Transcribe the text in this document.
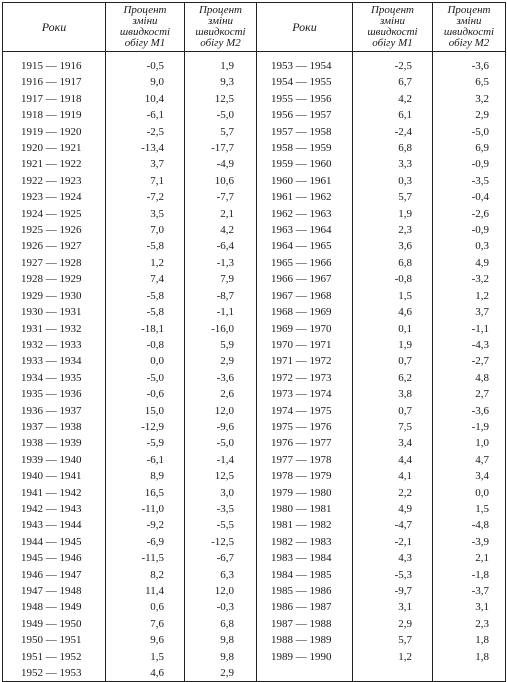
Роки	Процент
зміни
швидкості
обігу М1	Процент
зміни
швидкості
обігу М2	Роки	Процент
зміни
швидкості
обігу М1	Процент
зміни
швидкості
обігу М2

1915 — 1916	-0,5	1,9	1953 — 1954	-2,5	-3,6
1916 — 1917	9,0	9,3	1954 — 1955	6,7	6,5
1917 — 1918	10,4	12,5	1955 — 1956	4,2	3,2
1918 — 1919	-6,1	-5,0	1956 — 1957	6,1	2,9
1919 — 1920	-2,5	5,7	1957 — 1958	-2,4	-5,0
1920 — 1921	-13,4	-17,7	1958 — 1959	6,8	6,9
1921 — 1922	3,7	-4,9	1959 — 1960	3,3	-0,9
1922 — 1923	7,1	10,6	1960 — 1961	0,3	-3,5
1923 — 1924	-7,2	-7,7	1961 — 1962	5,7	-0,4
1924 — 1925	3,5	2,1	1962 — 1963	1,9	-2,6
1925 — 1926	7,0	4,2	1963 — 1964	2,3	-0,9
1926 — 1927	-5,8	-6,4	1964 — 1965	3,6	0,3
1927 — 1928	1,2	-1,3	1965 — 1966	6,8	4,9
1928 — 1929	7,4	7,9	1966 — 1967	-0,8	-3,2
1929 — 1930	-5,8	-8,7	1967 — 1968	1,5	1,2
1930 — 1931	-5,8	-1,1	1968 — 1969	4,6	3,7
1931 — 1932	-18,1	-16,0	1969 — 1970	0,1	-1,1
1932 — 1933	-0,8	5,9	1970 — 1971	1,9	-4,3
1933 — 1934	0,0	2,9	1971 — 1972	0,7	-2,7
1934 — 1935	-5,0	-3,6	1972 — 1973	6,2	4,8
1935 — 1936	-0,6	2,6	1973 — 1974	3,8	2,7
1936 — 1937	15,0	12,0	1974 — 1975	0,7	-3,6
1937 — 1938	-12,9	-9,6	1975 — 1976	7,5	-1,9
1938 — 1939	-5,9	-5,0	1976 — 1977	3,4	1,0
1939 — 1940	-6,1	-1,4	1977 — 1978	4,4	4,7
1940 — 1941	8,9	12,5	1978 — 1979	4,1	3,4
1941 — 1942	16,5	3,0	1979 — 1980	2,2	0,0
1942 — 1943	-11,0	-3,5	1980 — 1981	4,9	1,5
1943 — 1944	-9,2	-5,5	1981 — 1982	-4,7	-4,8
1944 — 1945	-6,9	-12,5	1982 — 1983	-2,1	-3,9
1945 — 1946	-11,5	-6,7	1983 — 1984	4,3	2,1
1946 — 1947	8,2	6,3	1984 — 1985	-5,3	-1,8
1947 — 1948	11,4	12,0	1985 — 1986	-9,7	-3,7
1948 — 1949	0,6	-0,3	1986 — 1987	3,1	3,1
1949 — 1950	7,6	6,8	1987 — 1988	2,9	2,3
1950 — 1951	9,6	9,8	1988 — 1989	5,7	1,8
1951 — 1952	1,5	9,8	1989 — 1990	1,2	1,8
1952 — 1953	4,6	2,9			
